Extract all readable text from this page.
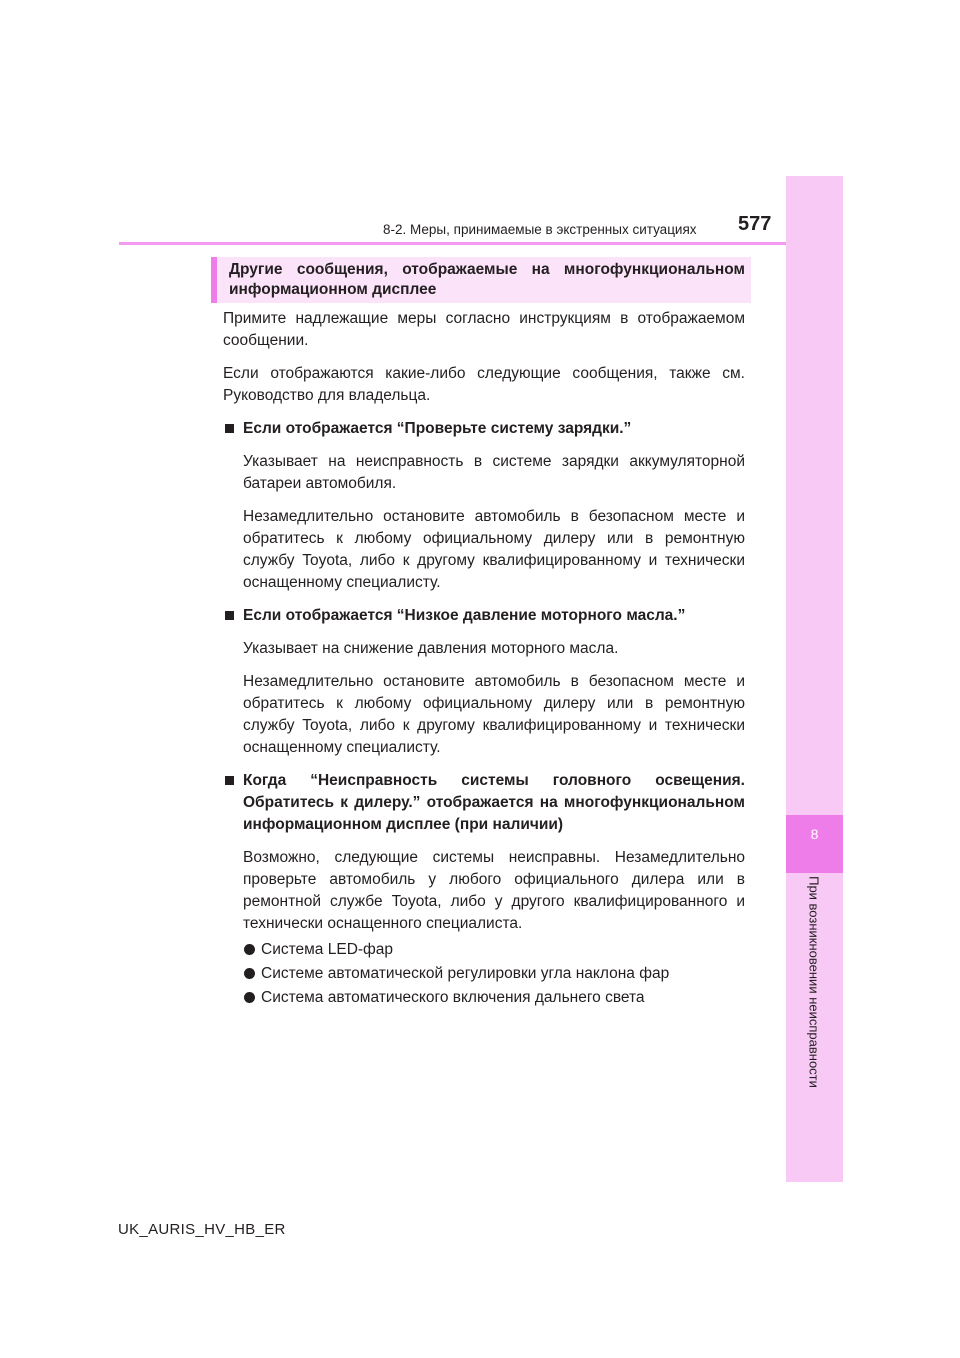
8-2. Меры, принимаемые в экстренных ситуациях 577
8
При возникновении неисправности
Другие сообщения, отображаемые на многофункциональном информационном дисплее

Примите надлежащие меры согласно инструкциям в отображаемом сообщении.

Если отображаются какие-либо следующие сообщения, также см. Руководство для владельца.

Если отображается “Проверьте систему зарядки.”

Указывает на неисправность в системе зарядки аккумуляторной батареи автомобиля.

Незамедлительно остановите автомобиль в безопасном месте и обратитесь к любому официальному дилеру или в ремонтную службу Toyota, либо к другому квалифицированному и технически оснащенному специалисту.

Если отображается “Низкое давление моторного масла.”

Указывает на снижение давления моторного масла.

Незамедлительно остановите автомобиль в безопасном месте и обратитесь к любому официальному дилеру или в ремонтную службу Toyota, либо к другому квалифицированному и технически оснащенному специалисту.

Когда “Неисправность системы головного освещения. Обратитесь к дилеру.” отображается на многофункциональном информационном дисплее (при наличии)

Возможно, следующие системы неисправны. Незамедлительно проверьте автомобиль у любого официального дилера или в ремонтной службе Toyota, либо у другого квалифицированного и технически оснащенного специалиста.

Система LED-фар
Системе автоматической регулировки угла наклона фар
Система автоматического включения дальнего света
UK_AURIS_HV_HB_ER
